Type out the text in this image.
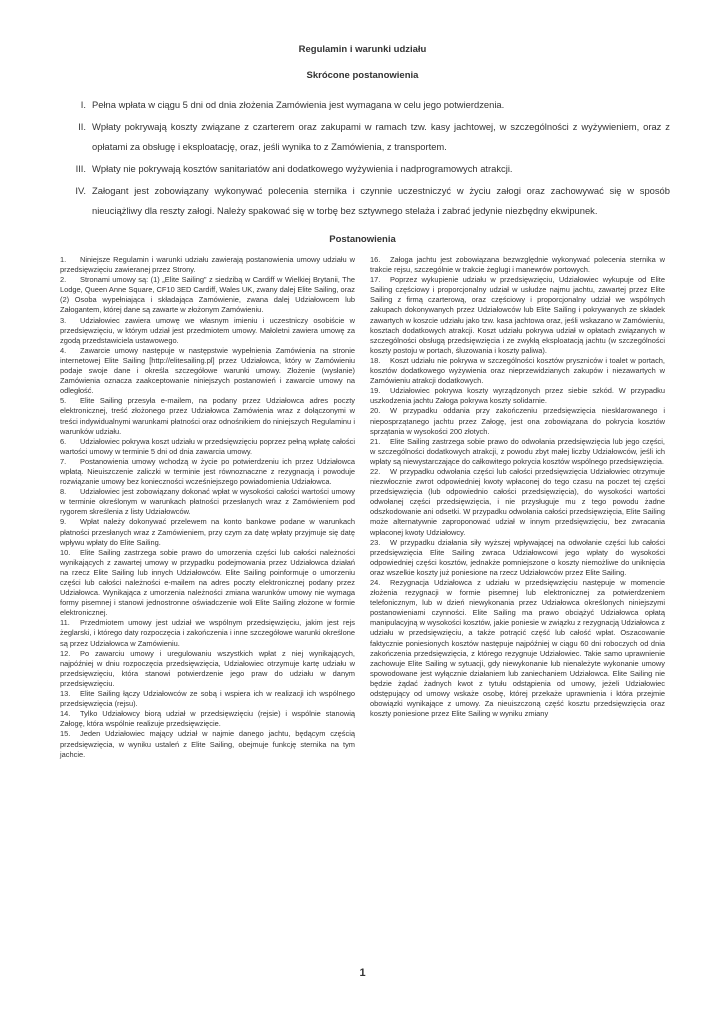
Regulamin i warunki udziału
Skrócone postanowienia
I. Pełna wpłata w ciągu 5 dni od dnia złożenia Zamówienia jest wymagana w celu jego potwierdzenia.
II. Wpłaty pokrywają koszty związane z czarterem oraz zakupami w ramach tzw. kasy jachtowej, w szczególności z wyżywieniem, oraz z opłatami za obsługę i eksploatację, oraz, jeśli wynika to z Zamówienia, z transportem.
III. Wpłaty nie pokrywają kosztów sanitariatów ani dodatkowego wyżywienia i nadprogramowych atrakcji.
IV. Załogant jest zobowiązany wykonywać polecenia sternika i czynnie uczestniczyć w życiu załogi oraz zachowywać się w sposób nieuciążliwy dla reszty załogi. Należy spakować się w torbę bez sztywnego stelaża i zabrać jedynie niezbędny ekwipunek.
Postanowienia

1. Niniejsze Regulamin i warunki udziału zawierają postanowienia umowy udziału w przedsięwzięciu zawieranej przez Strony.

2. Stronami umowy są: (1) „Elite Sailing” z siedzibą w Cardiff w Wielkiej Brytanii, The Lodge, Queen Anne Square, CF10 3ED Cardiff, Wales UK, zwany dalej Elite Sailing, oraz (2) Osoba wypełniająca i składająca Zamówienie, zwana dalej Udziałowcem lub Załogantem, której dane są zawarte w złożonym Zamówieniu.

3. Udziałowiec zawiera umowę we własnym imieniu i uczestniczy osobiście w przedsięwzięciu, w którym udział jest przedmiotem umowy. Małoletni zawiera umowę za zgodą przedstawiciela ustawowego.

4. Zawarcie umowy następuje w następstwie wypełnienia Zamówienia na stronie internetowej Elite Sailing [http://elitesailing.pl] przez Udziałowca, który w Zamówieniu podaje swoje dane i określa szczegółowe warunki umowy. Złożenie (wysłanie) Zamówienia oznacza zaakceptowanie niniejszych postanowień i zawarcie umowy na odległość.

5. Elite Sailing przesyła e-mailem, na podany przez Udziałowca adres poczty elektronicznej, treść złożonego przez Udziałowca Zamówienia wraz z dołączonymi w treści indywidualnymi warunkami płatności oraz odnośnikiem do niniejszych Regulaminu i warunków udziału.

6. Udziałowiec pokrywa koszt udziału w przedsięwzięciu poprzez pełną wpłatę całości wartości umowy w terminie 5 dni od dnia zawarcia umowy.

7. Postanowienia umowy wchodzą w życie po potwierdzeniu ich przez Udziałowca wpłatą. Nieuiszczenie zaliczki w terminie jest równoznaczne z rezygnacją i powoduje rozwiązanie umowy bez konieczności wcześniejszego powiadomienia Udziałowca.

8. Udziałowiec jest zobowiązany dokonać wpłat w wysokości całości wartości umowy w terminie określonym w warunkach płatności przesłanych wraz z Zamówieniem pod rygorem skreślenia z listy Udziałowców.

9. Wpłat należy dokonywać przelewem na konto bankowe podane w warunkach płatności przesłanych wraz z Zamówieniem, przy czym za datę wpłaty przyjmuje się datę wpływu wpłaty do Elite Sailing.

10. Elite Sailing zastrzega sobie prawo do umorzenia części lub całości należności wynikających z zawartej umowy w przypadku podejmowania przez Udziałowca działań na rzecz Elite Sailing lub innych Udziałowców. Elite Sailing poinformuje o umorzeniu części lub całości należności e-mailem na adres poczty elektronicznej podany przez Udziałowca. Wynikająca z umorzenia należności zmiana warunków umowy nie wymaga formy pisemnej i stanowi jednostronne oświadczenie woli Elite Sailing złożone w formie elektronicznej.

11. Przedmiotem umowy jest udział we wspólnym przedsięwzięciu, jakim jest rejs żeglarski, i którego daty rozpoczęcia i zakończenia i inne szczegółowe warunki określone są przez Udziałowca w Zamówieniu.

12. Po zawarciu umowy i uregulowaniu wszystkich wpłat z niej wynikających, najpóźniej w dniu rozpoczęcia przedsięwzięcia, Udziałowiec otrzymuje kartę udziału w przedsięwzięciu, która stanowi potwierdzenie jego praw do udziału w danym przedsięwzięciu.

13. Elite Sailing łączy Udziałowców ze sobą i wspiera ich w realizacji ich wspólnego przedsięwzięcia (rejsu).

14. Tylko Udziałowcy biorą udział w przedsięwzięciu (rejsie) i wspólnie stanowią Załogę, która wspólnie realizuje przedsięwzięcie.

15. Jeden Udziałowiec mający udział w najmie danego jachtu, będącym częścią przedsięwzięcia, w wyniku ustaleń z Elite Sailing, obejmuje funkcję sternika na tym jachcie.

16. Załoga jachtu jest zobowiązana bezwzględnie wykonywać polecenia sternika w trakcie rejsu, szczególnie w trakcie żeglugi i manewrów portowych.

17. Poprzez wykupienie udziału w przedsięwzięciu, Udziałowiec wykupuje od Elite Sailing częściowy i proporcjonalny udział w usłudze najmu jachtu, zawartej przez Elite Sailing z firmą czarterową, oraz częściowy i proporcjonalny udział we wspólnych zakupach dokonywanych przez Udziałowców lub Elite Sailing i pokrywanych ze składek zawartych w koszcie udziału jako tzw. kasa jachtowa oraz, jeśli wskazano w Zamówieniu, kosztach dodatkowych atrakcji. Koszt udziału pokrywa udział w opłatach związanych w szczególności obsługą przedsięwzięcia i ze zwykłą eksploatacją jachtu (w szczególności koszty postoju w portach, śluzowania i koszty paliwa).

18. Koszt udziału nie pokrywa w szczególności kosztów pryszniców i toalet w portach, kosztów dodatkowego wyżywienia oraz nieprzewidzianych zakupów i niezawartych w Zamówieniu atrakcji dodatkowych.

19. Udziałowiec pokrywa koszty wyrządzonych przez siebie szkód. W przypadku uszkodzenia jachtu Załoga pokrywa koszty solidarnie.

20. W przypadku oddania przy zakończeniu przedsięwzięcia niesklarowanego i nieposprzątanego jachtu przez Załogę, jest ona zobowiązana do pokrycia kosztów sprzątania w wysokości 200 złotych.

21. Elite Sailing zastrzega sobie prawo do odwołania przedsięwzięcia lub jego części, w szczególności dodatkowych atrakcji, z powodu zbyt małej liczby Udziałowców, jeśli ich wpłaty są niewystarczające do całkowitego pokrycia kosztów wspólnego przedsięwzięcia.

22. W przypadku odwołania części lub całości przedsięwzięcia Udziałowiec otrzymuje niezwłocznie zwrot odpowiedniej kwoty wpłaconej do tego czasu na poczet tej części przedsięwzięcia (lub odpowiednio całości przedsięwzięcia), do wysokości wartości odwołanej części przedsięwzięcia, i nie przysługuje mu z tego powodu żadne odszkodowanie ani odsetki. W przypadku odwołania całości przedsięwzięcia, Elite Sailing może alternatywnie zaproponować udział w innym przedsięwzięciu, bez zwracania wpłaconej kwoty Udziałowcy.

23. W przypadku działania siły wyższej wpływającej na odwołanie części lub całości przedsięwzięcia Elite Sailing zwraca Udziałowcowi jego wpłaty do wysokości odpowiedniej części kosztów, jednakże pomniejszone o koszty niemożliwe do uniknięcia oraz wszelkie koszty już poniesione na rzecz Udziałowców przez Elite Sailing.

24. Rezygnacja Udziałowca z udziału w przedsięwzięciu następuje w momencie złożenia rezygnacji w formie pisemnej lub elektronicznej za potwierdzeniem telefonicznym, lub w dzień niewykonania przez Udziałowca określonych niniejszymi postanowieniami czynności. Elite Sailing ma prawo obciążyć Udziałowca opłatą manipulacyjną w wysokości kosztów, jakie poniesie w związku z rezygnacją Udziałowca z udziału w przedsięwzięciu, a także potrącić część lub całość wpłat. Oszacowanie faktycznie poniesionych kosztów następuje najpóźniej w ciągu 60 dni roboczych od dnia zakończenia przedsięwzięcia, z którego rezygnuje Udziałowiec. Takie samo uprawnienie zachowuje Elite Sailing w sytuacji, gdy niewykonanie lub nienależyte wykonanie umowy spowodowane jest wyłącznie działaniem lub zaniechaniem Udziałowca. Elite Sailing nie będzie żądać żadnych kwot z tytułu odstąpienia od umowy, jeżeli Udziałowiec odstępujący od umowy wskaże osobę, której przekaże uprawnienia i która przejmie obowiązki wynikające z umowy. Za nieuiszczoną część kosztu przedsięwzięcia oraz koszty poniesione przez Elite Sailing w wyniku zmiany

1
